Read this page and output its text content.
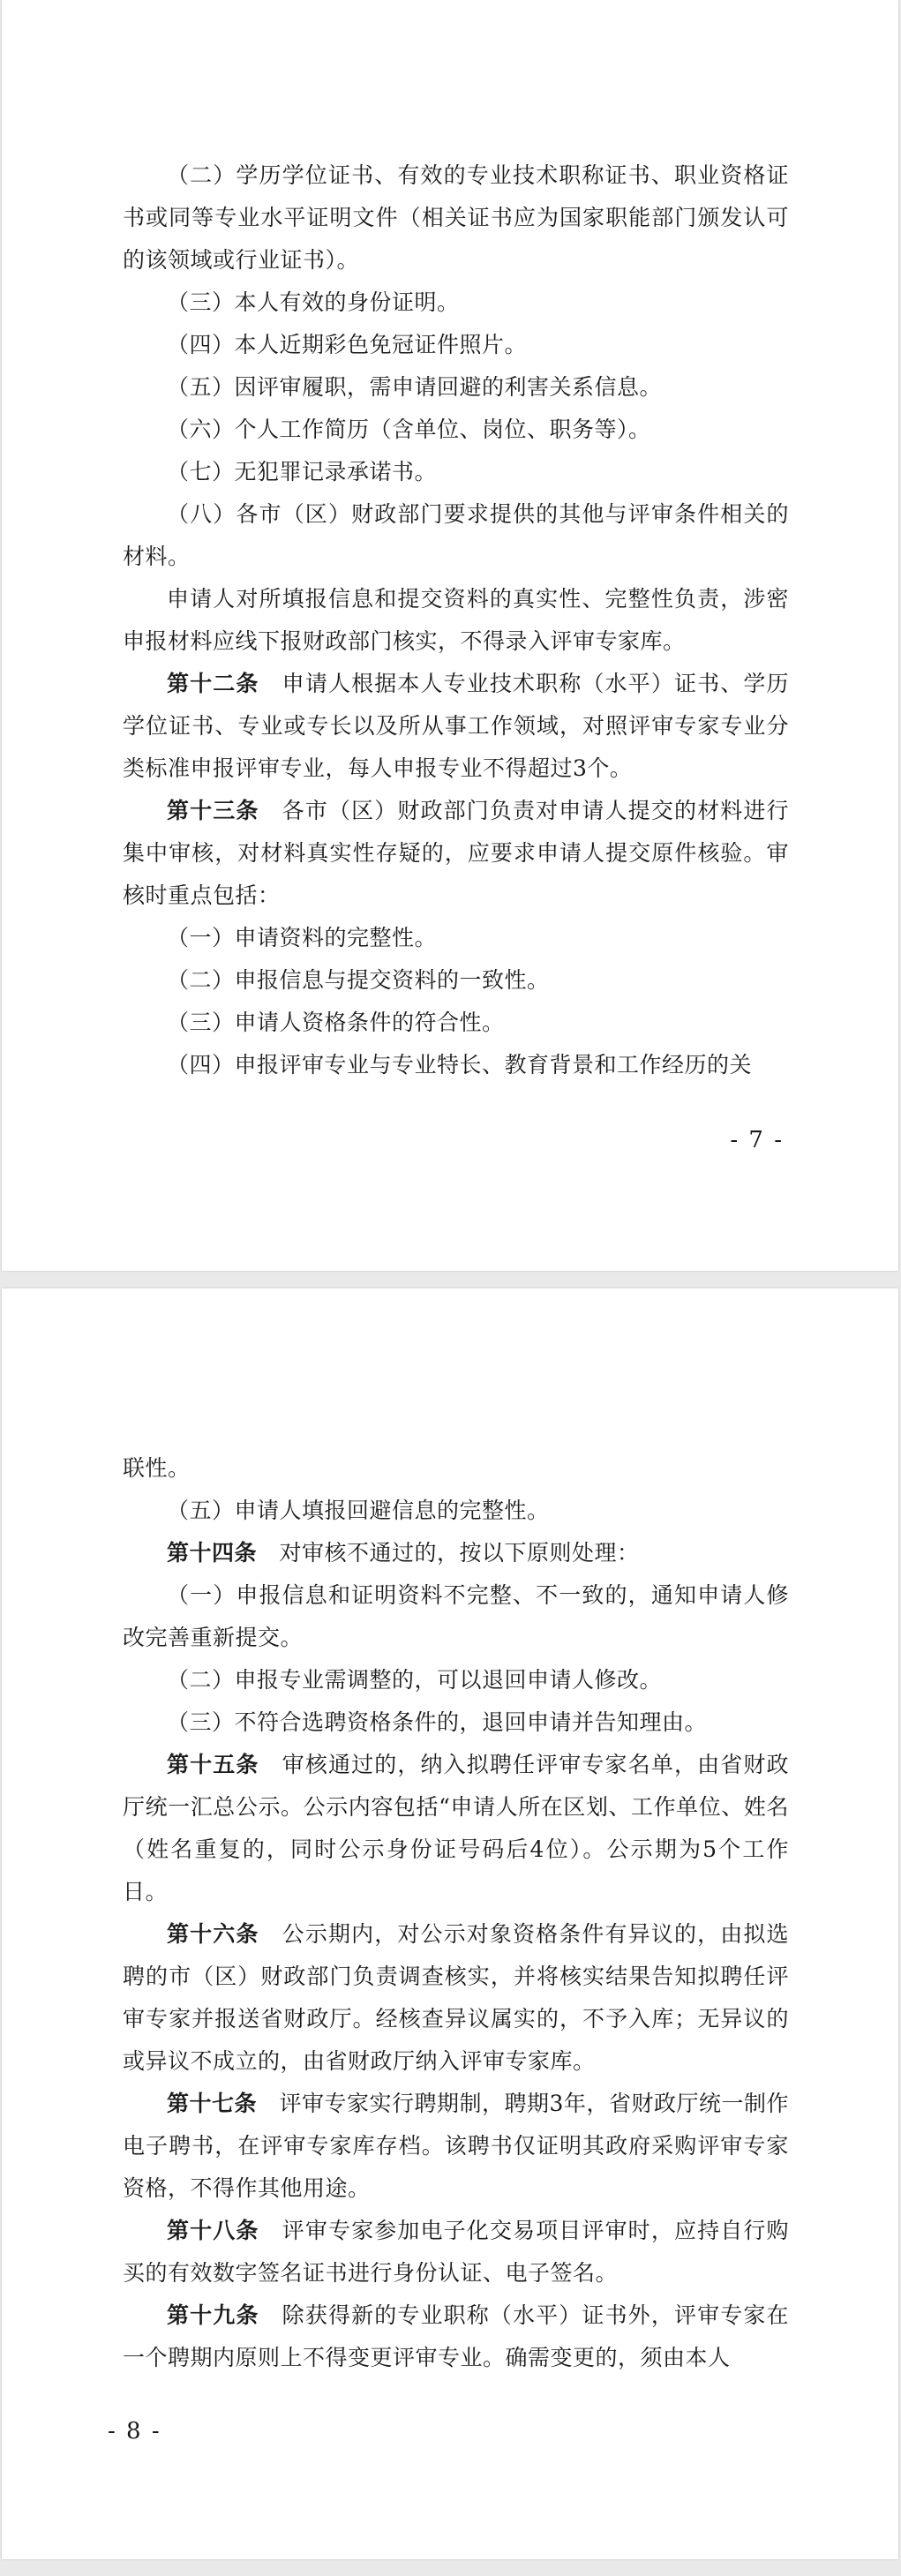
（二）学历学位证书、有效的专业技术职称证书、职业资格证书或同等专业水平证明文件（相关证书应为国家职能部门颁发认可的该领域或行业证书）。

（三）本人有效的身份证明。

（四）本人近期彩色免冠证件照片。

（五）因评审履职，需申请回避的利害关系信息。

（六）个人工作简历（含单位、岗位、职务等）。

（七）无犯罪记录承诺书。

（八）各市（区）财政部门要求提供的其他与评审条件相关的材料。

申请人对所填报信息和提交资料的真实性、完整性负责，涉密申报材料应线下报财政部门核实，不得录入评审专家库。

第十二条　申请人根据本人专业技术职称（水平）证书、学历学位证书、专业或专长以及所从事工作领域，对照评审专家专业分类标准申报评审专业，每人申报专业不得超过3个。

第十三条　各市（区）财政部门负责对申请人提交的材料进行集中审核，对材料真实性存疑的，应要求申请人提交原件核验。审核时重点包括：

（一）申请资料的完整性。

（二）申报信息与提交资料的一致性。

（三）申请人资格条件的符合性。

（四）申报评审专业与专业特长、教育背景和工作经历的关

- 7 -

联性。

（五）申请人填报回避信息的完整性。

第十四条　对审核不通过的，按以下原则处理：

（一）申报信息和证明资料不完整、不一致的，通知申请人修改完善重新提交。

（二）申报专业需调整的，可以退回申请人修改。

（三）不符合选聘资格条件的，退回申请并告知理由。

第十五条　审核通过的，纳入拟聘任评审专家名单，由省财政厅统一汇总公示。公示内容包括“申请人所在区划、工作单位、姓名（姓名重复的，同时公示身份证号码后4位）。公示期为5个工作日。

第十六条　公示期内，对公示对象资格条件有异议的，由拟选聘的市（区）财政部门负责调查核实，并将核实结果告知拟聘任评审专家并报送省财政厅。经核查异议属实的，不予入库；无异议的或异议不成立的，由省财政厅纳入评审专家库。

第十七条　评审专家实行聘期制，聘期3年，省财政厅统一制作电子聘书，在评审专家库存档。该聘书仅证明其政府采购评审专家资格，不得作其他用途。

第十八条　评审专家参加电子化交易项目评审时，应持自行购买的有效数字签名证书进行身份认证、电子签名。

第十九条　除获得新的专业职称（水平）证书外，评审专家在一个聘期内原则上不得变更评审专业。确需变更的，须由本人

- 8 -
